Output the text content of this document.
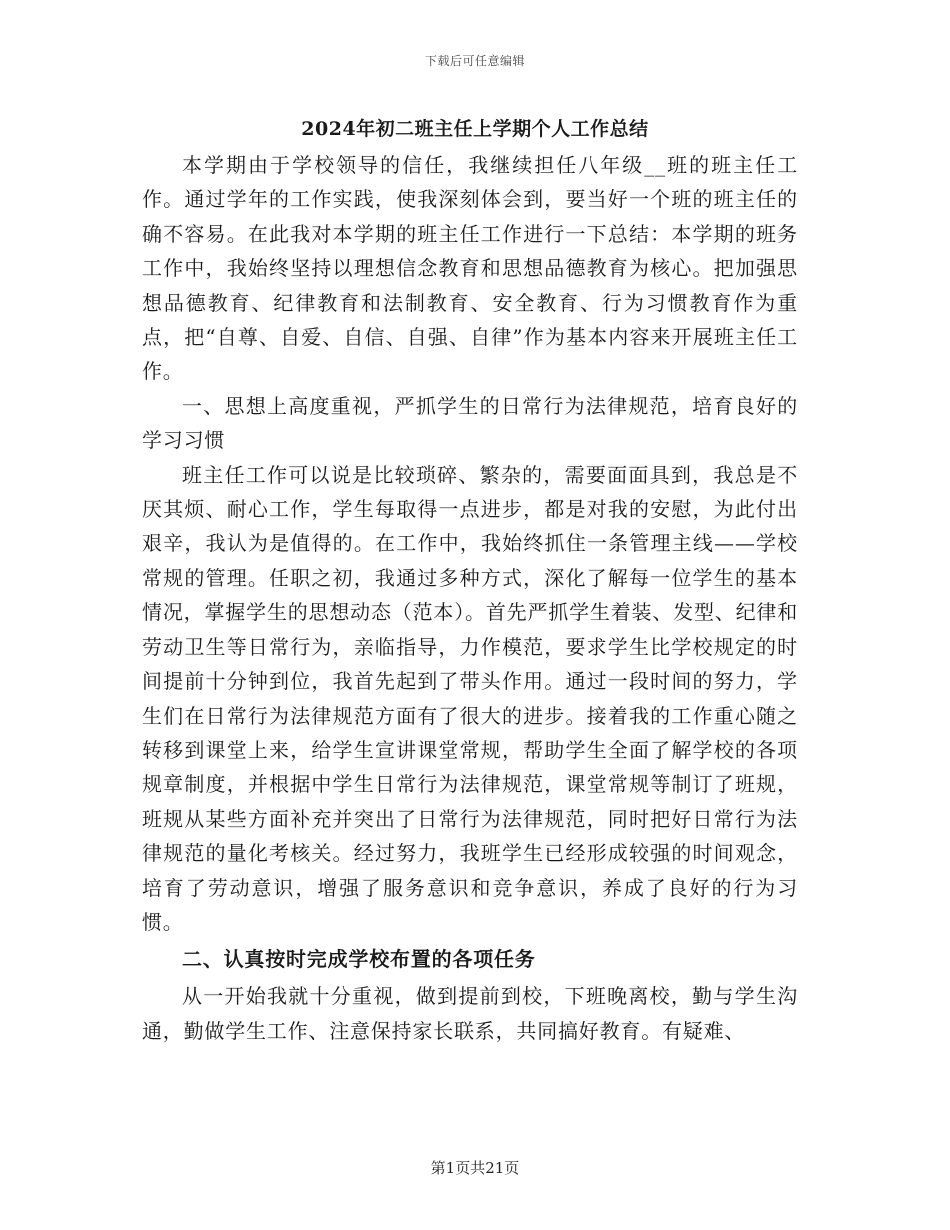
下载后可任意编辑
2024年初二班主任上学期个人工作总结

本学期由于学校领导的信任，我继续担任八年级__班的班主任工作。通过学年的工作实践，使我深刻体会到，要当好一个班的班主任的确不容易。在此我对本学期的班主任工作进行一下总结：本学期的班务工作中，我始终坚持以理想信念教育和思想品德教育为核心。把加强思想品德教育、纪律教育和法制教育、安全教育、行为习惯教育作为重点，把“自尊、自爱、自信、自强、自律”作为基本内容来开展班主任工作。

一、思想上高度重视，严抓学生的日常行为法律规范，培育良好的学习习惯

班主任工作可以说是比较琐碎、繁杂的，需要面面具到，我总是不厌其烦、耐心工作，学生每取得一点进步，都是对我的安慰，为此付出艰辛，我认为是值得的。在工作中，我始终抓住一条管理主线——学校常规的管理。任职之初，我通过多种方式，深化了解每一位学生的基本情况，掌握学生的思想动态（范本）。首先严抓学生着装、发型、纪律和劳动卫生等日常行为，亲临指导，力作模范，要求学生比学校规定的时间提前十分钟到位，我首先起到了带头作用。通过一段时间的努力，学生们在日常行为法律规范方面有了很大的进步。接着我的工作重心随之转移到课堂上来，给学生宣讲课堂常规，帮助学生全面了解学校的各项规章制度，并根据中学生日常行为法律规范，课堂常规等制订了班规，班规从某些方面补充并突出了日常行为法律规范，同时把好日常行为法律规范的量化考核关。经过努力，我班学生已经形成较强的时间观念，培育了劳动意识，增强了服务意识和竞争意识，养成了良好的行为习惯。

二、认真按时完成学校布置的各项任务

从一开始我就十分重视，做到提前到校，下班晚离校，勤与学生沟通，勤做学生工作、注意保持家长联系，共同搞好教育。有疑难、

第1页共21页
